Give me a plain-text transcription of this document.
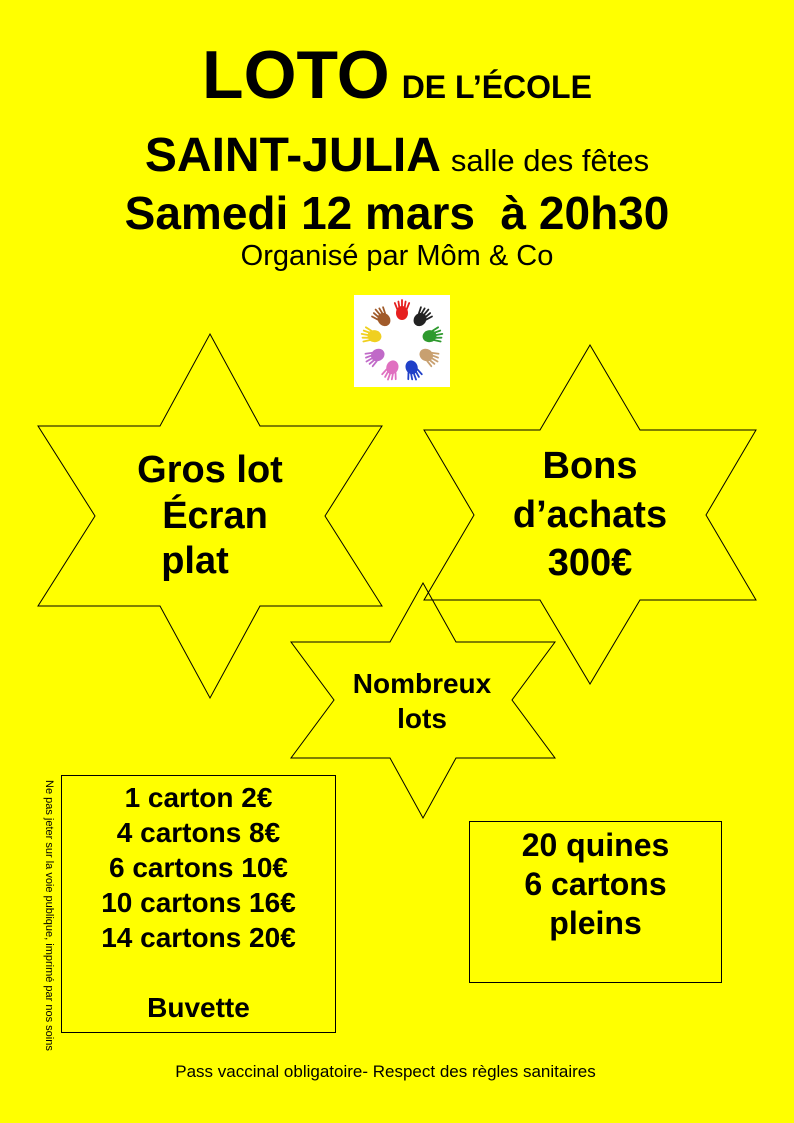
LOTO DE L’ÉCOLE
SAINT-JULIA salle des fêtes
Samedi 12 mars  à 20h30
Organisé par Môm & Co
Gros lot
Écran
plat
Bons
d’achats
300€
Nombreux
lots
Ne pas jeter sur la voie publique, imprimé par nos soins	1 carton 2€
4 cartons 8€
6 cartons 10€
10 cartons 16€
14 cartons 20€
Buvette
20 quines
6 cartons
pleins
Pass vaccinal obligatoire- Respect des règles sanitaires
